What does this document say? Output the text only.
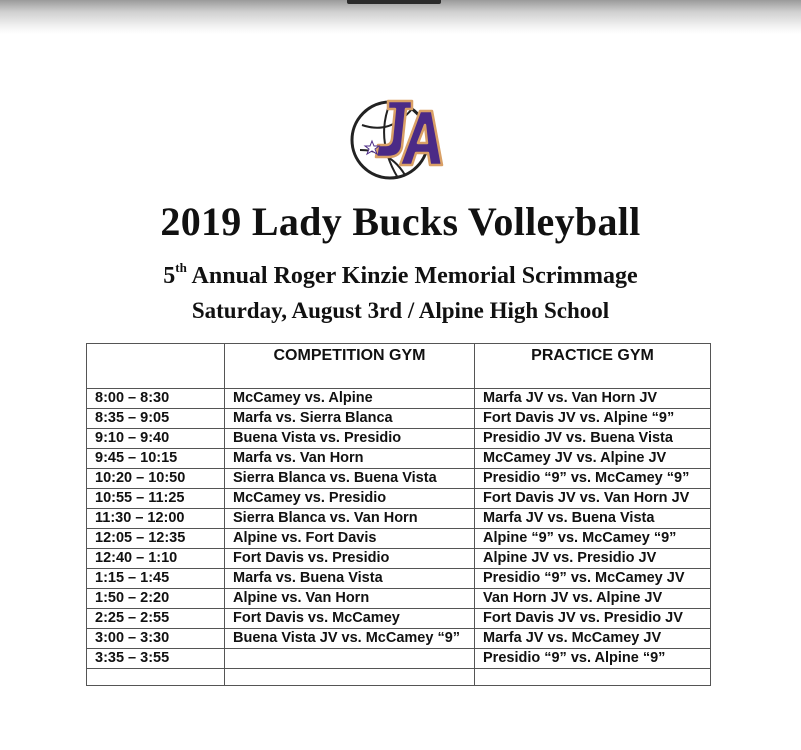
2019 Lady Bucks Volleyball
5th Annual Roger Kinzie Memorial Scrimmage
Saturday, August 3rd / Alpine High School
	COMPETITION GYM	PRACTICE GYM
8:00 – 8:30	McCamey vs. Alpine	Marfa JV vs. Van Horn JV
8:35 – 9:05	Marfa vs. Sierra Blanca	Fort Davis JV vs. Alpine “9”
9:10 – 9:40	Buena Vista vs. Presidio	Presidio JV vs. Buena Vista
9:45 – 10:15	Marfa vs. Van Horn	McCamey JV vs. Alpine JV
10:20 – 10:50	Sierra Blanca vs. Buena Vista	Presidio “9” vs. McCamey “9”
10:55 – 11:25	McCamey vs. Presidio	Fort Davis JV vs. Van Horn JV
11:30 – 12:00	Sierra Blanca vs. Van Horn	Marfa JV vs. Buena Vista
12:05 – 12:35	Alpine vs. Fort Davis	Alpine “9” vs. McCamey “9”
12:40 – 1:10	Fort Davis vs. Presidio	Alpine JV vs. Presidio JV
1:15 – 1:45	Marfa vs. Buena Vista	Presidio “9” vs. McCamey JV
1:50 – 2:20	Alpine vs. Van Horn	Van Horn JV vs. Alpine JV
2:25 – 2:55	Fort Davis vs. McCamey	Fort Davis JV vs. Presidio JV
3:00 – 3:30	Buena Vista JV vs. McCamey “9”	Marfa JV vs. McCamey JV
3:35 – 3:55		Presidio “9” vs. Alpine “9”
